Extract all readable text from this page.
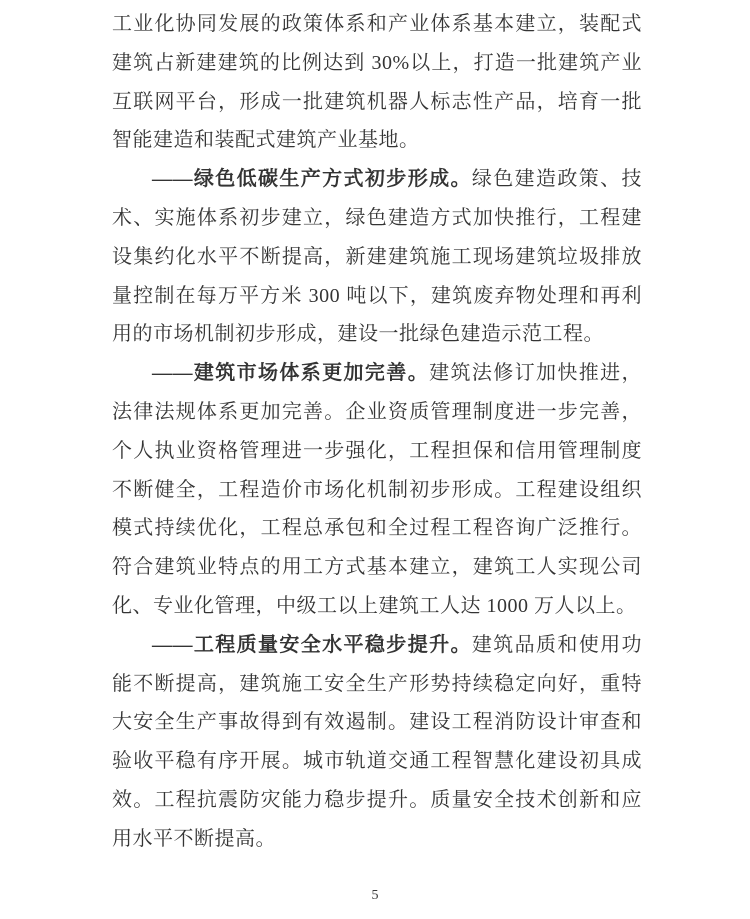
工业化协同发展的政策体系和产业体系基本建立，装配式建筑占新建建筑的比例达到 30%以上，打造一批建筑产业互联网平台，形成一批建筑机器人标志性产品，培育一批智能建造和装配式建筑产业基地。

——绿色低碳生产方式初步形成。绿色建造政策、技术、实施体系初步建立，绿色建造方式加快推行，工程建设集约化水平不断提高，新建建筑施工现场建筑垃圾排放量控制在每万平方米 300 吨以下，建筑废弃物处理和再利用的市场机制初步形成，建设一批绿色建造示范工程。

——建筑市场体系更加完善。建筑法修订加快推进，法律法规体系更加完善。企业资质管理制度进一步完善，个人执业资格管理进一步强化，工程担保和信用管理制度不断健全，工程造价市场化机制初步形成。工程建设组织模式持续优化，工程总承包和全过程工程咨询广泛推行。符合建筑业特点的用工方式基本建立，建筑工人实现公司化、专业化管理，中级工以上建筑工人达 1000 万人以上。

——工程质量安全水平稳步提升。建筑品质和使用功能不断提高，建筑施工安全生产形势持续稳定向好，重特大安全生产事故得到有效遏制。建设工程消防设计审查和验收平稳有序开展。城市轨道交通工程智慧化建设初具成效。工程抗震防灾能力稳步提升。质量安全技术创新和应用水平不断提高。

5
